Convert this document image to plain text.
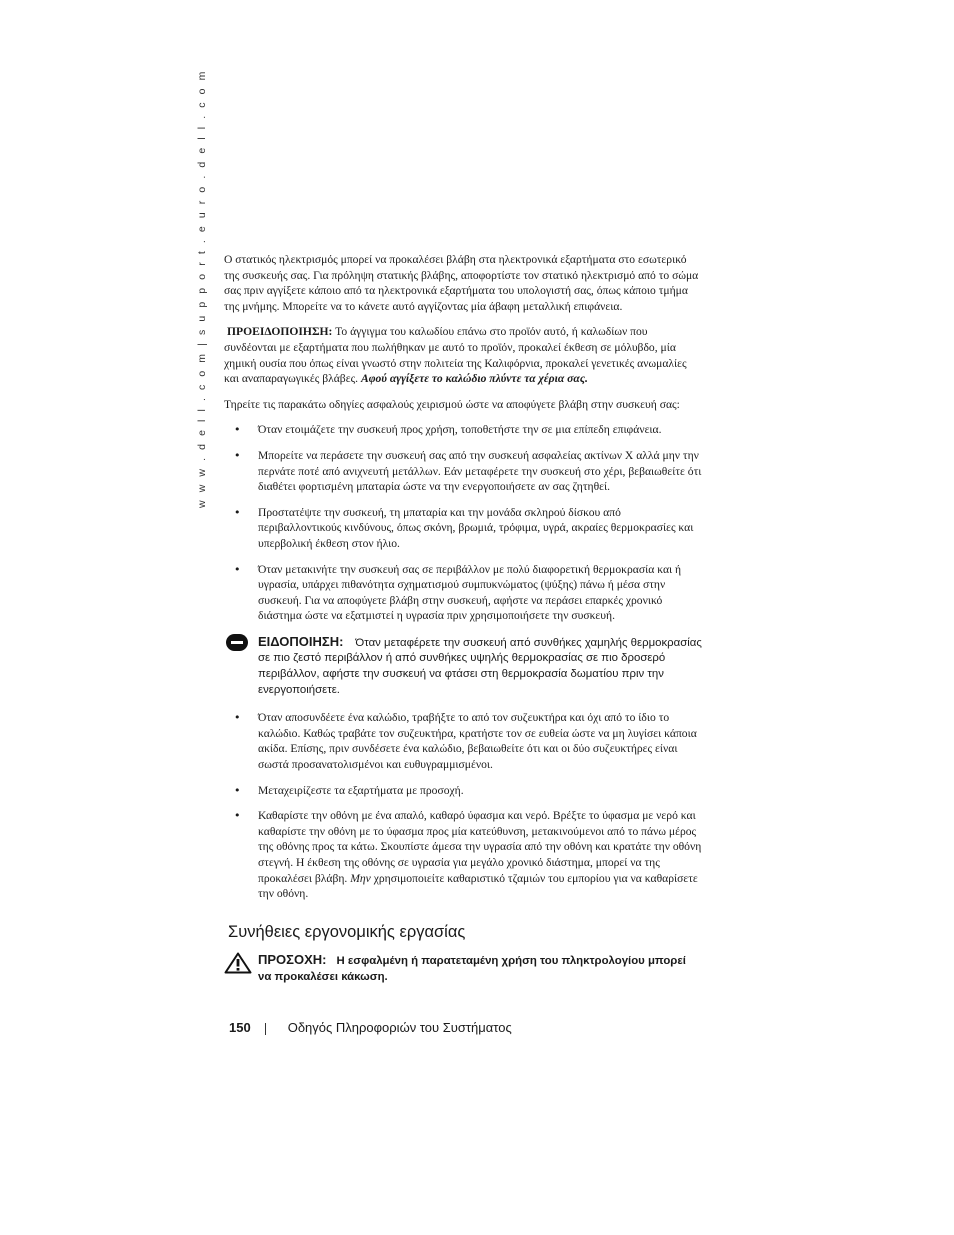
w w w . d e l l . c o m | s u p p o r t . e u r o . d e l l . c o m Ο στατικός ηλεκτρισμός μπορεί να προκαλέσει βλάβη στα ηλεκτρονικά εξαρτήματα στο εσωτερικό της συσκευής σας. Για πρόληψη στατικής βλάβης, αποφορτίστε τον στατικό ηλεκτρισμό από το σώμα σας πριν αγγίξετε κάποιο από τα ηλεκτρονικά εξαρτήματα του υπολογιστή σας, όπως κάποιο τμήμα της μνήμης. Μπορείτε να το κάνετε αυτό αγγίζοντας μία άβαφη μεταλλική επιφάνεια.

ΠΡΟΕΙΔΟΠΟΙΗΣΗ: Το άγγιγμα του καλωδίου επάνω στο προϊόν αυτό, ή καλωδίων που συνδέονται με εξαρτήματα που πωλήθηκαν με αυτό το προϊόν, προκαλεί έκθεση σε μόλυβδο, μία χημική ουσία που όπως είναι γνωστό στην πολιτεία της Καλιφόρνια, προκαλεί γενετικές ανωμαλίες και αναπαραγωγικές βλάβες. Αφού αγγίξετε το καλώδιο πλύντε τα χέρια σας.

Τηρείτε τις παρακάτω οδηγίες ασφαλούς χειρισμού ώστε να αποφύγετε βλάβη στην συσκευή σας:

• Όταν ετοιμάζετε την συσκευή προς χρήση, τοποθετήστε την σε μια επίπεδη επιφάνεια.
• Μπορείτε να περάσετε την συσκευή σας από την συσκευή ασφαλείας ακτίνων Χ αλλά μην την περνάτε ποτέ από ανιχνευτή μετάλλων. Εάν μεταφέρετε την συσκευή στο χέρι, βεβαιωθείτε ότι διαθέτει φορτισμένη μπαταρία ώστε να την ενεργοποιήσετε αν σας ζητηθεί.
• Προστατέψτε την συσκευή, τη μπαταρία και την μονάδα σκληρού δίσκου από περιβαλλοντικούς κινδύνους, όπως σκόνη, βρωμιά, τρόφιμα, υγρά, ακραίες θερμοκρασίες και υπερβολική έκθεση στον ήλιο.
• Όταν μετακινήτε την συσκευή σας σε περιβάλλον με πολύ διαφορετική θερμοκρασία και ή υγρασία, υπάρχει πιθανότητα σχηματισμού συμπυκνώματος (ψύξης) πάνω ή μέσα στην συσκευή. Για να αποφύγετε βλάβη στην συσκευή, αφήστε να περάσει επαρκές χρονικό διάστημα ώστε να εξατμιστεί η υγρασία πριν χρησιμοποιήσετε την συσκευή.
ΕΙΔΟΠΟΙΗΣΗ: Όταν μεταφέρετε την συσκευή από συνθήκες χαμηλής θερμοκρασίας σε πιο ζεστό περιβάλλον ή από συνθήκες υψηλής θερμοκρασίας σε πιο δροσερό περιβάλλον, αφήστε την συσκευή να φτάσει στη θερμοκρασία δωματίου πριν την ενεργοποιήσετε.
• Όταν αποσυνδέετε ένα καλώδιο, τραβήξτε το από τον συζευκτήρα και όχι από το ίδιο το καλώδιο. Καθώς τραβάτε τον συζευκτήρα, κρατήστε τον σε ευθεία ώστε να μη λυγίσει κάποια ακίδα. Επίσης, πριν συνδέσετε ένα καλώδιο, βεβαιωθείτε ότι και οι δύο συζευκτήρες είναι σωστά προσανατολισμένοι και ευθυγραμμισμένοι.
• Μεταχειρίζεστε τα εξαρτήματα με προσοχή.
• Καθαρίστε την οθόνη με ένα απαλό, καθαρό ύφασμα και νερό. Βρέξτε το ύφασμα με νερό και καθαρίστε την οθόνη με το ύφασμα προς μία κατεύθυνση, μετακινούμενοι από το πάνω μέρος της οθόνης προς τα κάτω. Σκουπίστε άμεσα την υγρασία από την οθόνη και κρατάτε την οθόνη στεγνή. Η έκθεση της οθόνης σε υγρασία για μεγάλο χρονικό διάστημα, μπορεί να της προκαλέσει βλάβη. Μην χρησιμοποιείτε καθαριστικό τζαμιών του εμπορίου για να καθαρίσετε την οθόνη.
Συνήθειες εργονομικής εργασίας
ΠΡΟΣΟΧΗ: Η εσφαλμένη ή παρατεταμένη χρήση του πληκτρολογίου μπορεί να προκαλέσει κάκωση.
150	Οδηγός Πληροφοριών του Συστήματος
